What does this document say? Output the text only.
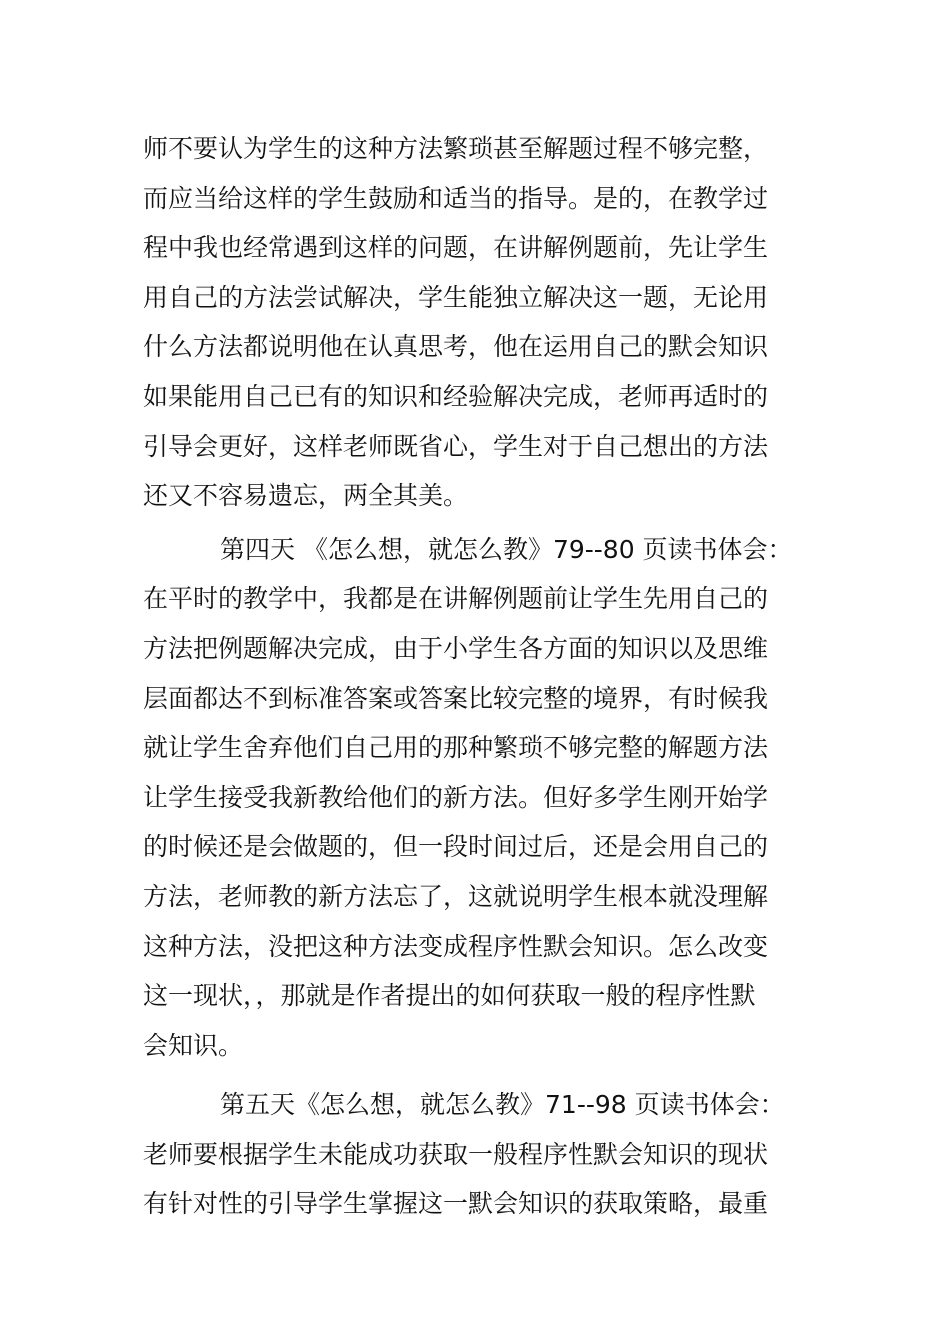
师不要认为学生的这种方法繁琐甚至解题过程不够完整，
而应当给这样的学生鼓励和适当的指导。是的，在教学过
程中我也经常遇到这样的问题，在讲解例题前，先让学生
用自己的方法尝试解决，学生能独立解决这一题，无论用
什么方法都说明他在认真思考，他在运用自己的默会知识
如果能用自己已有的知识和经验解决完成，老师再适时的
引导会更好，这样老师既省心，学生对于自己想出的方法
还又不容易遗忘，两全其美。
第四天 《怎么想，就怎么教》79--80 页读书体会：
在平时的教学中，我都是在讲解例题前让学生先用自己的
方法把例题解决完成，由于小学生各方面的知识以及思维
层面都达不到标准答案或答案比较完整的境界，有时候我
就让学生舍弃他们自己用的那种繁琐不够完整的解题方法
让学生接受我新教给他们的新方法。但好多学生刚开始学
的时候还是会做题的，但一段时间过后，还是会用自己的
方法，老师教的新方法忘了，这就说明学生根本就没理解
这种方法，没把这种方法变成程序性默会知识。怎么改变
这一现状，，那就是作者提出的如何获取一般的程序性默
会知识。
第五天《怎么想，就怎么教》71--98 页读书体会：
老师要根据学生未能成功获取一般程序性默会知识的现状
有针对性的引导学生掌握这一默会知识的获取策略，最重
